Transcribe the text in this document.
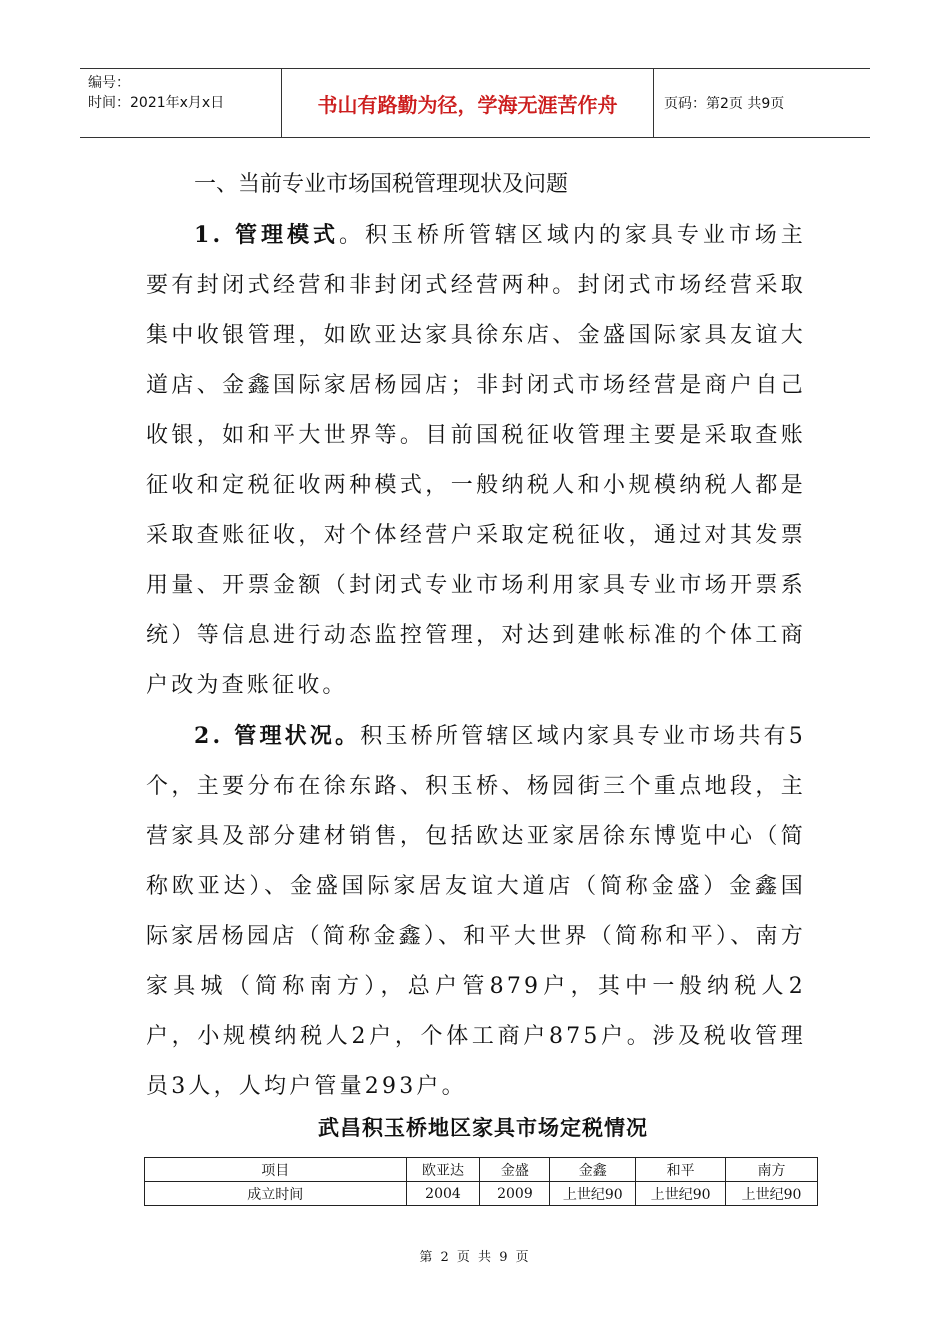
编号：
时间：2021年x月x日	书山有路勤为径，学海无涯苦作舟	页码：第2页 共9页

一、当前专业市场国税管理现状及问题

1. 管理模式。积玉桥所管辖区域内的家具专业市场主要有封闭式经营和非封闭式经营两种。封闭式市场经营采取集中收银管理，如欧亚达家具徐东店、金盛国际家具友谊大道店、金鑫国际家居杨园店；非封闭式市场经营是商户自己收银，如和平大世界等。目前国税征收管理主要是采取查账征收和定税征收两种模式，一般纳税人和小规模纳税人都是采取查账征收，对个体经营户采取定税征收，通过对其发票用量、开票金额（封闭式专业市场利用家具专业市场开票系统）等信息进行动态监控管理，对达到建帐标准的个体工商户改为查账征收。

2. 管理状况。积玉桥所管辖区域内家具专业市场共有5个，主要分布在徐东路、积玉桥、杨园街三个重点地段，主营家具及部分建材销售，包括欧达亚家居徐东博览中心（简称欧亚达）、金盛国际家居友谊大道店（简称金盛）金鑫国际家居杨园店（简称金鑫）、和平大世界（简称和平）、南方家具城（简称南方），总户管879户，其中一般纳税人2户，小规模纳税人2户，个体工商户875户。涉及税收管理员3人，人均户管量293户。

武昌积玉桥地区家具市场定税情况
项目	欧亚达	金盛	金鑫	和平	南方
成立时间	2004	2009	上世纪90	上世纪90	上世纪90
第 2 页 共 9 页
